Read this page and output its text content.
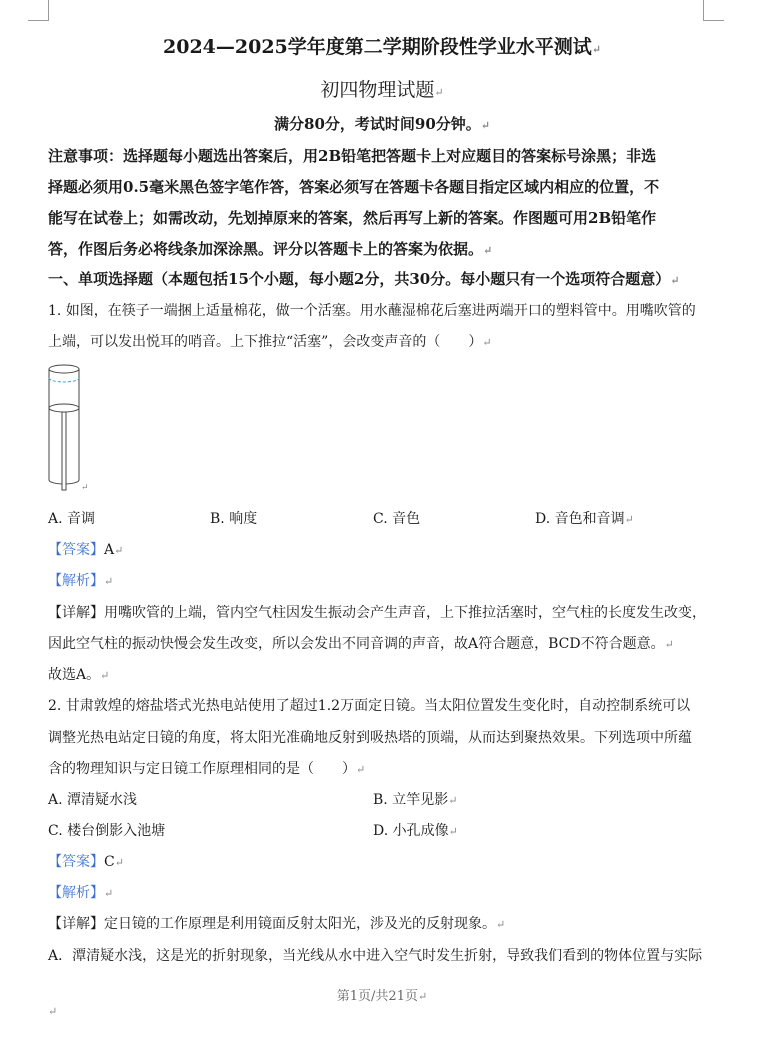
2024—2025学年度第二学期阶段性学业水平测试↵
初四物理试题↵
满分80分，考试时间90分钟。↵
注意事项：选择题每小题选出答案后，用2B铅笔把答题卡上对应题目的答案标号涂黑；非选
择题必须用0.5毫米黑色签字笔作答，答案必须写在答题卡各题目指定区域内相应的位置，不
能写在试卷上；如需改动，先划掉原来的答案，然后再写上新的答案。作图题可用2B铅笔作
答，作图后务必将线条加深涂黑。评分以答题卡上的答案为依据。↵
一、单项选择题（本题包括15个小题，每小题2分，共30分。每小题只有一个选项符合题意）↵
1. 如图，在筷子一端捆上适量棉花，做一个活塞。用水蘸湿棉花后塞进两端开口的塑料管中。用嘴吹管的
上端，可以发出悦耳的哨音。上下推拉“活塞”，会改变声音的（　　）↵
↵
A. 音调	B. 响度	C. 音色	D. 音色和音调↵
【答案】A↵
【解析】↵
【详解】用嘴吹管的上端，管内空气柱因发生振动会产生声音，上下推拉活塞时，空气柱的长度发生改变，
因此空气柱的振动快慢会发生改变，所以会发出不同音调的声音，故A符合题意，BCD不符合题意。↵
故选A。↵
2. 甘肃敦煌的熔盐塔式光热电站使用了超过1.2万面定日镜。当太阳位置发生变化时，自动控制系统可以
调整光热电站定日镜的角度，将太阳光准确地反射到吸热塔的顶端，从而达到聚热效果。下列选项中所蕴
含的物理知识与定日镜工作原理相同的是（　　）↵
A. 潭清疑水浅	B. 立竿见影↵
C. 楼台倒影入池塘	D. 小孔成像↵
【答案】C↵
【解析】↵
【详解】定日镜的工作原理是利用镜面反射太阳光，涉及光的反射现象。↵
A．潭清疑水浅，这是光的折射现象，当光线从水中进入空气时发生折射，导致我们看到的物体位置与实际
第1页/共21页↵
↵
